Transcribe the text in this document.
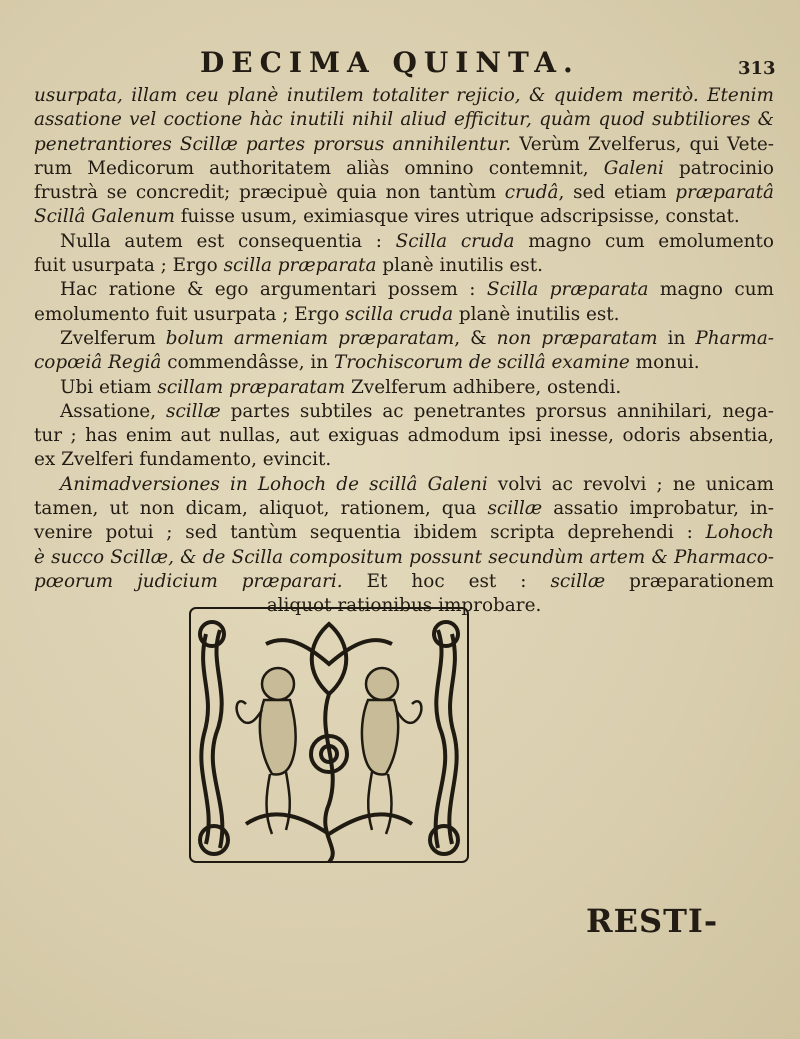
DECIMA QUINTA.	313
usurpata, illam ceu planè inutilem totaliter rejicio, & quidem meritò. Etenim
assatione vel coctione hàc inutili nihil aliud efficitur, quàm quod subtiliores &
penetrantiores Scillæ partes prorsus annihilentur. Verùm Zvelferus, qui Vete-
rum Medicorum authoritatem aliàs omnino contemnit, Galeni patrocinio
frustrà se concredit; præcipuè quia non tantùm crudâ, sed etiam præparatâ
Scillâ Galenum fuisse usum, eximiasque vires utrique adscripsisse, constat.
Nulla autem est consequentia : Scilla cruda magno cum emolumento
fuit usurpata ; Ergo scilla præparata planè inutilis est.
Hac ratione & ego argumentari possem : Scilla præparata magno cum
emolumento fuit usurpata ; Ergo scilla cruda planè inutilis est.
Zvelferum bolum armeniam præparatam, & non præparatam in Pharma-
copœiâ Regiâ commendâsse, in Trochiscorum de scillâ examine monui.
Ubi etiam scillam præparatam Zvelferum adhibere, ostendi.
Assatione, scillæ partes subtiles ac penetrantes prorsus annihilari, nega-
tur ; has enim aut nullas, aut exiguas admodum ipsi inesse, odoris absentia,
ex Zvelferi fundamento, evincit.
Animadversiones in Lohoch de scillâ Galeni volvi ac revolvi ; ne unicam
tamen, ut non dicam, aliquot, rationem, qua scillæ assatio improbatur, in-
venire potui ; sed tantùm sequentia ibidem scripta deprehendi : Lohoch
è succo Scillæ, & de Scilla compositum possunt secundùm artem & Pharmaco-
pœorum judicium præparari. Et hoc est : scillæ præparationem
aliquot rationibus improbare.
RESTI-
